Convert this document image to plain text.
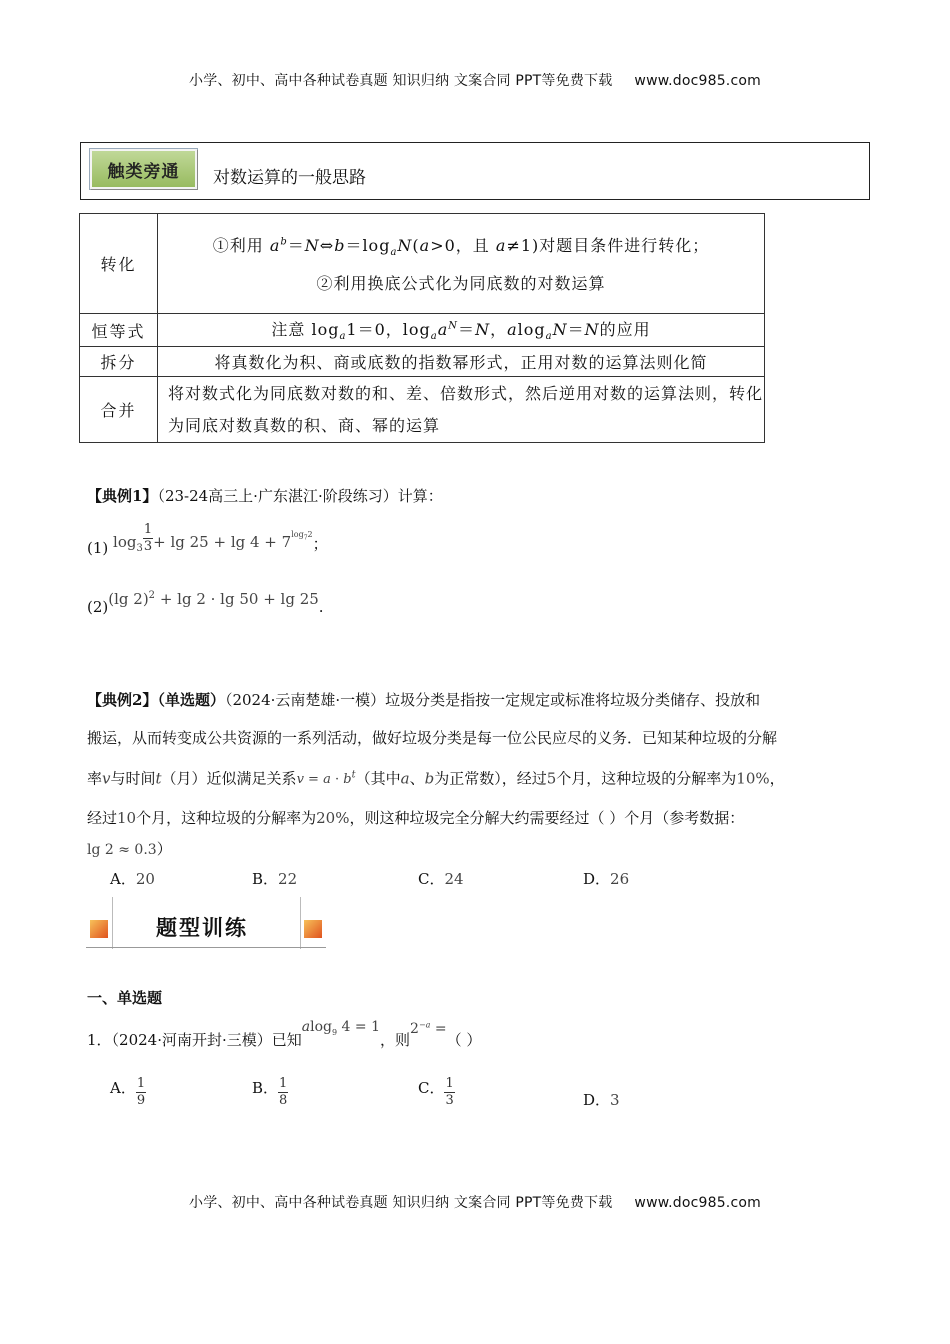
小学、初中、高中各种试卷真题 知识归纳 文案合同 PPT等免费下载 www.doc985.com
触类旁通	对数运算的一般思路
转化	①利用 $a^b=N\Leftrightarrow b=\log_aN(a>0$，且 a≠1)对题目条件进行转化；
②利用换底公式化为同底数的对数运算

恒等式	注意 $\log_a1=0$，$\log_aa^N=N$，alog$_a$N＝N的应用
拆分	将真数化为积、商或底数的指数幂形式，正用对数的运算法则化简
合并	将对数式化为同底数对数的和、差、倍数形式，然后逆用对数的运算法则，转化为同底对数真数的积、商、幂的运算
【典例1】（23-24高三上·广东湛江·阶段练习）计算：
(1) $\log_3 \frac{1}{3} + \lg 25 + \lg 4 + 7^{log_72}$；
(2)(lg 2)$^2$ + lg 2 · lg 50 + lg 25.
【典例2】（单选题）（2024·云南楚雄·一模）垃圾分类是指按一定规定或标准将垃圾分类储存、投放和
搬运，从而转变成公共资源的一系列活动，做好垃圾分类是每一位公民应尽的义务．已知某种垃圾的分解
率v与时间t（月）近似满足关系$v = a \cdot b^t$（其中a、b为正常数），经过5个月，这种垃圾的分解率为10%，
经过10个月，这种垃圾的分解率为20%，则这种垃圾完全分解大约需要经过（ ）个月（参考数据：
lg 2 ≈ 0.3）
A．20	B．22	C．24	D．26
题型训练
一、单选题
1．（2024·河南开封·三模）已知alog$_9$ 4 = 1，则$2^{-a}$ =（ ）
A． $\frac{1}{9}$	B． $\frac{1}{8}$	C． $\frac{1}{3}$	D．3
小学、初中、高中各种试卷真题 知识归纳 文案合同 PPT等免费下载 www.doc985.com
